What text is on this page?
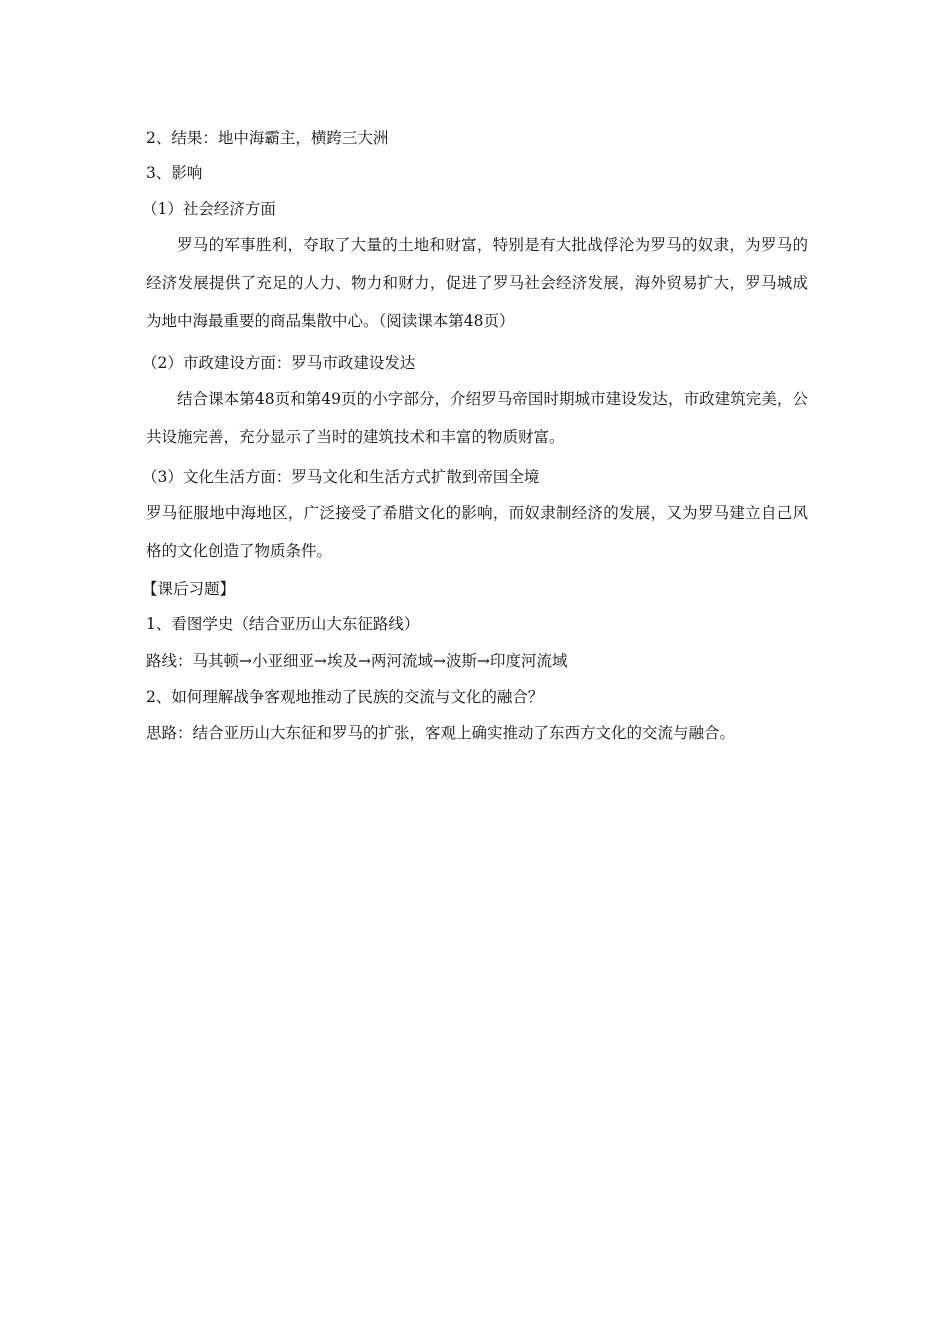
2、结果：地中海霸主，横跨三大洲
3、影响
（1）社会经济方面
罗马的军事胜利，夺取了大量的土地和财富，特别是有大批战俘沦为罗马的奴隶，为罗马的经济发展提供了充足的人力、物力和财力，促进了罗马社会经济发展，海外贸易扩大，罗马城成为地中海最重要的商品集散中心。（阅读课本第48页）
（2）市政建设方面：罗马市政建设发达
结合课本第48页和第49页的小字部分，介绍罗马帝国时期城市建设发达，市政建筑完美，公共设施完善，充分显示了当时的建筑技术和丰富的物质财富。
（3）文化生活方面：罗马文化和生活方式扩散到帝国全境
罗马征服地中海地区，广泛接受了希腊文化的影响，而奴隶制经济的发展，又为罗马建立自己风格的文化创造了物质条件。
【课后习题】
1、看图学史（结合亚历山大东征路线）
路线：马其顿→小亚细亚→埃及→两河流域→波斯→印度河流域
2、如何理解战争客观地推动了民族的交流与文化的融合？
思路：结合亚历山大东征和罗马的扩张，客观上确实推动了东西方文化的交流与融合。
